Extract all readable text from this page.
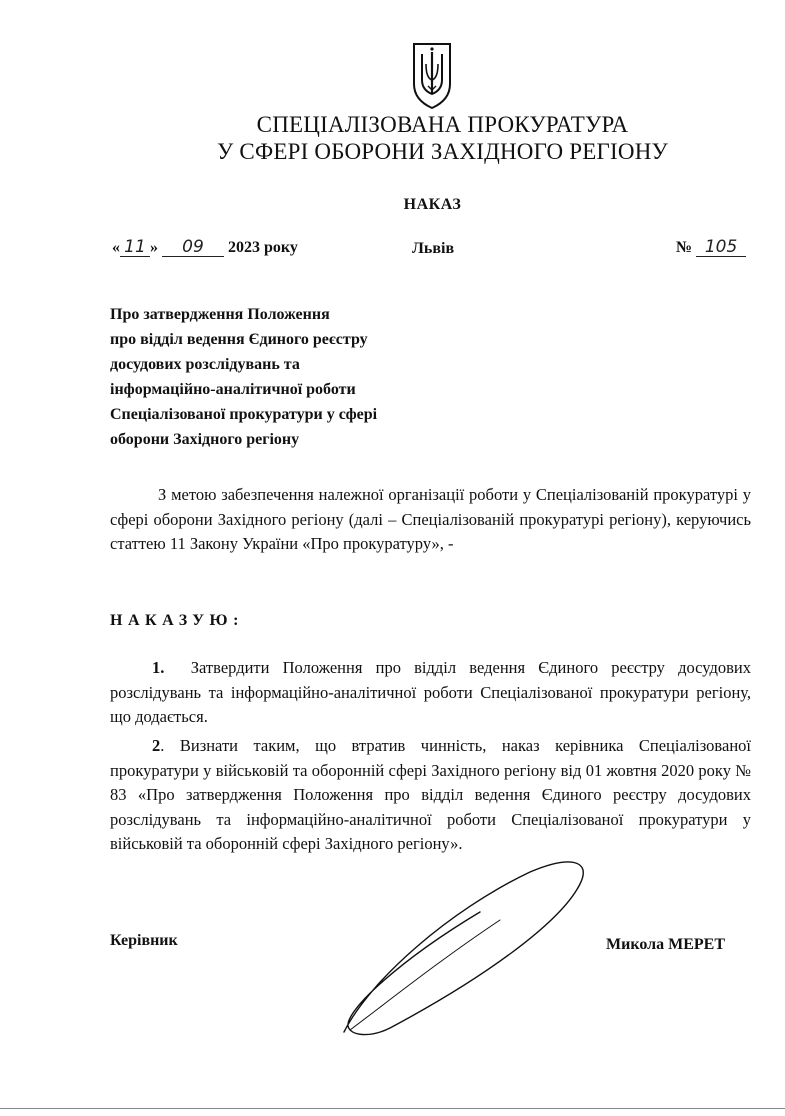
СПЕЦІАЛІЗОВАНА ПРОКУРАТУРА
У СФЕРІ ОБОРОНИ ЗАХІДНОГО РЕГІОНУ
НАКАЗ
« 11 »	09	2023 року	Львів	№ 105
Про затвердження Положення
про відділ ведення Єдиного реєстру
досудових розслідувань та
інформаційно-аналітичної роботи
Спеціалізованої прокуратури у сфері
оборони Західного регіону
З метою забезпечення належної організації роботи у Спеціалізованій прокуратурі у сфері оборони Західного регіону (далі – Спеціалізованій прокуратурі регіону), керуючись статтею 11 Закону України «Про прокуратуру», -
НАКАЗУЮ:
1. Затвердити Положення про відділ ведення Єдиного реєстру досудових розслідувань та інформаційно-аналітичної роботи Спеціалізованої прокуратури регіону, що додається.
2. Визнати таким, що втратив чинність, наказ керівника Спеціалізованої прокуратури у військовій та оборонній сфері Західного регіону від 01 жовтня 2020 року № 83 «Про затвердження Положення про відділ ведення Єдиного реєстру досудових розслідувань та інформаційно-аналітичної роботи Спеціалізованої прокуратури у військовій та оборонній сфері Західного регіону».
Керівник	Микола МЕРЕТ
